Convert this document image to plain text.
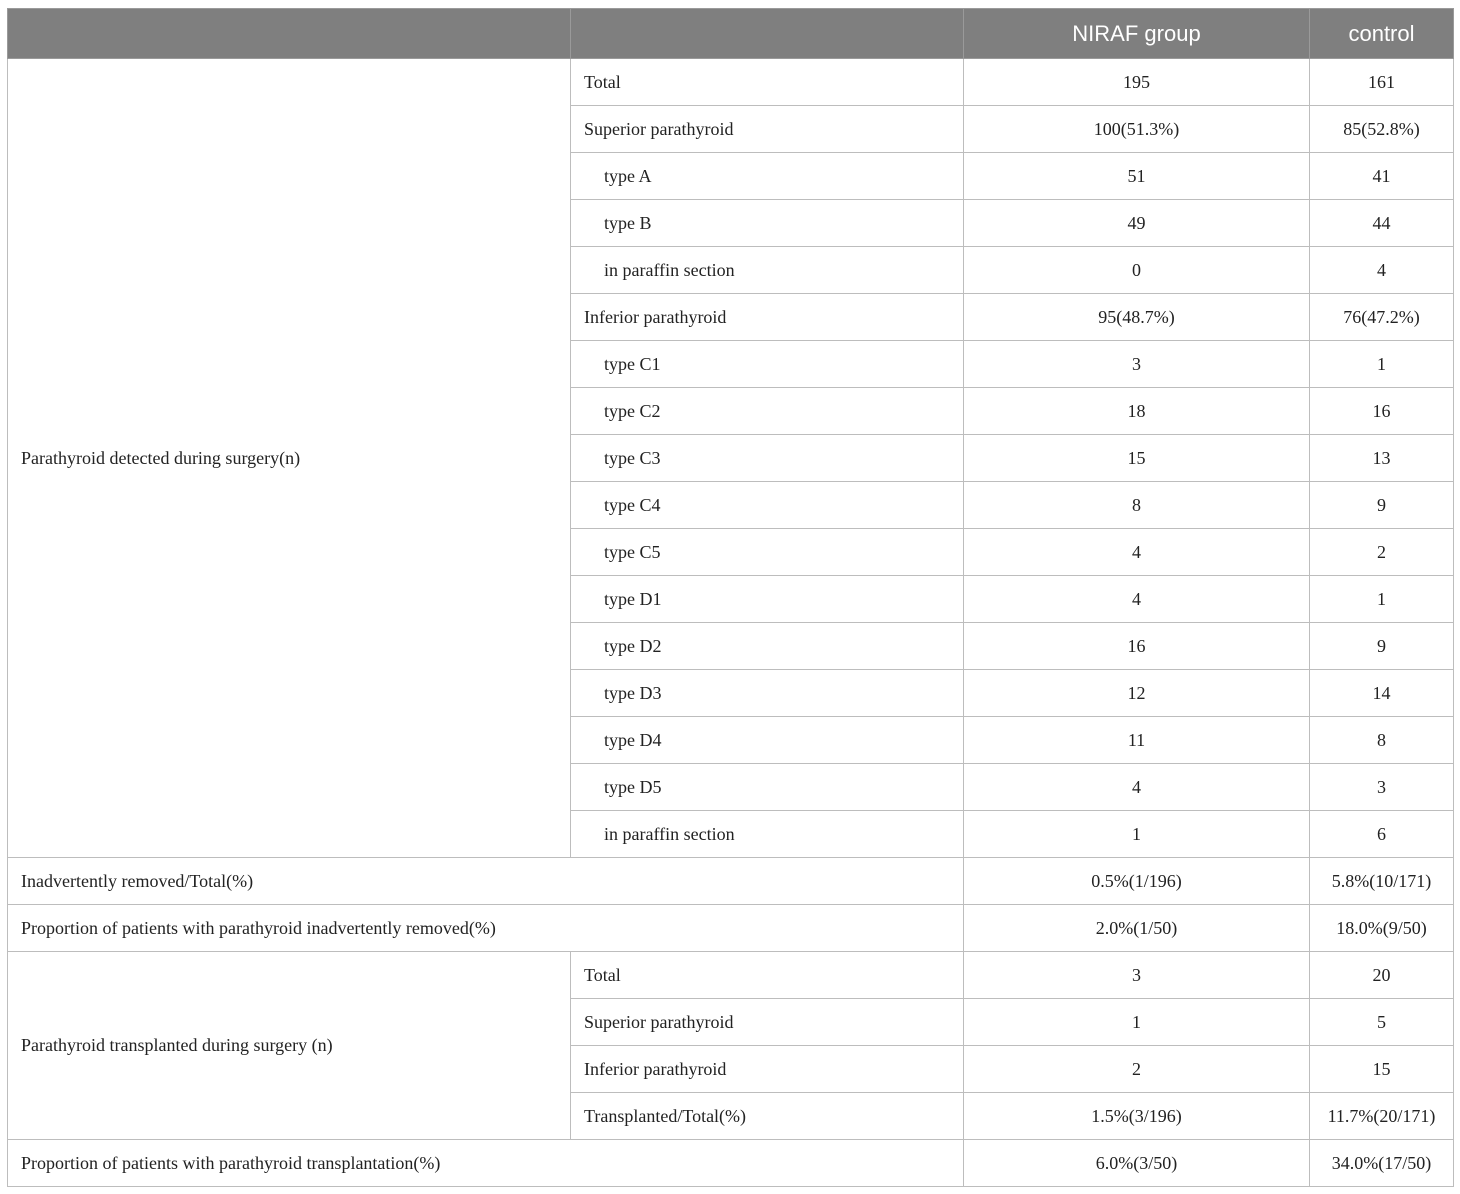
		NIRAF group	control
Parathyroid detected during surgery(n)	Total	195	161
	Superior parathyroid	100(51.3%)	85(52.8%)
	type A	51	41
	type B	49	44
	in paraffin section	0	4
	Inferior parathyroid	95(48.7%)	76(47.2%)
	type C1	3	1
	type C2	18	16
	type C3	15	13
	type C4	8	9
	type C5	4	2
	type D1	4	1
	type D2	16	9
	type D3	12	14
	type D4	11	8
	type D5	4	3
	in paraffin section	1	6
Inadvertently removed/Total(%)		0.5%(1/196)	5.8%(10/171)
Proportion of patients with parathyroid inadvertently removed(%)		2.0%(1/50)	18.0%(9/50)
Parathyroid transplanted during surgery (n)	Total	3	20
	Superior parathyroid	1	5
	Inferior parathyroid	2	15
	Transplanted/Total(%)	1.5%(3/196)	11.7%(20/171)
Proportion of patients with parathyroid transplantation(%)		6.0%(3/50)	34.0%(17/50)
